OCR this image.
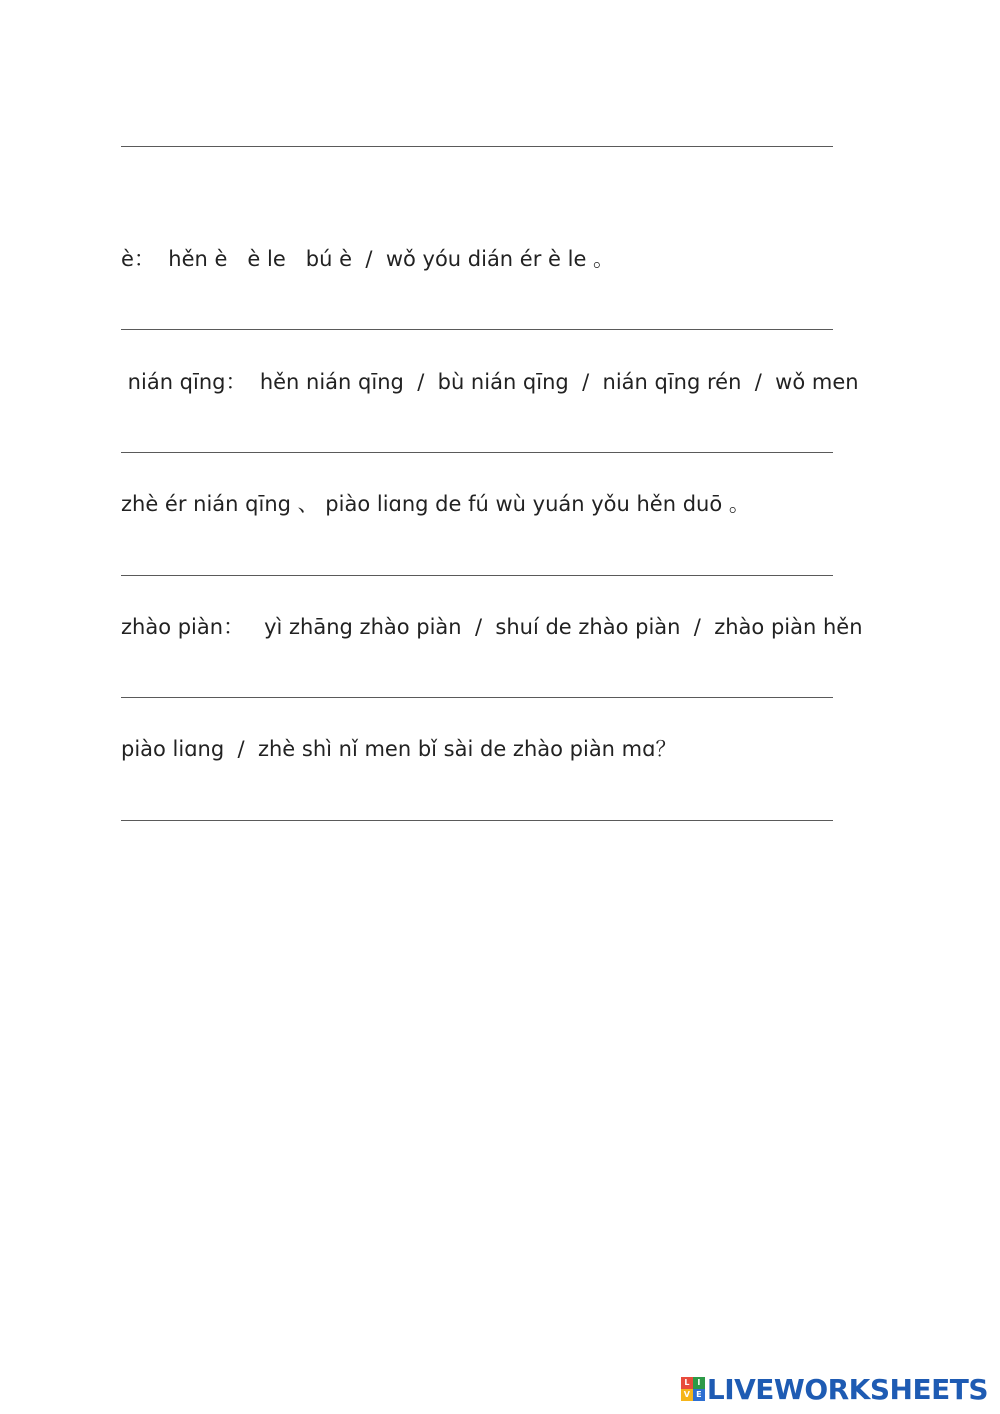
è：  hěn è   è le   bú è  /  wǒ yóu dián ér è le 。
nián qīng：  hěn nián qīng  /  bù nián qīng  /  nián qīng rén  /  wǒ men
zhè ér nián qīng 、 piào liɑng de fú wù yuán yǒu hěn duō 。
zhào piàn：   yì zhāng zhào piàn  /  shuí de zhào piàn  /  zhào piàn hěn
piào liɑng  /  zhè shì nǐ men bǐ sài de zhào piàn mɑ？
L I
V E LIVEWORKSHEETS
